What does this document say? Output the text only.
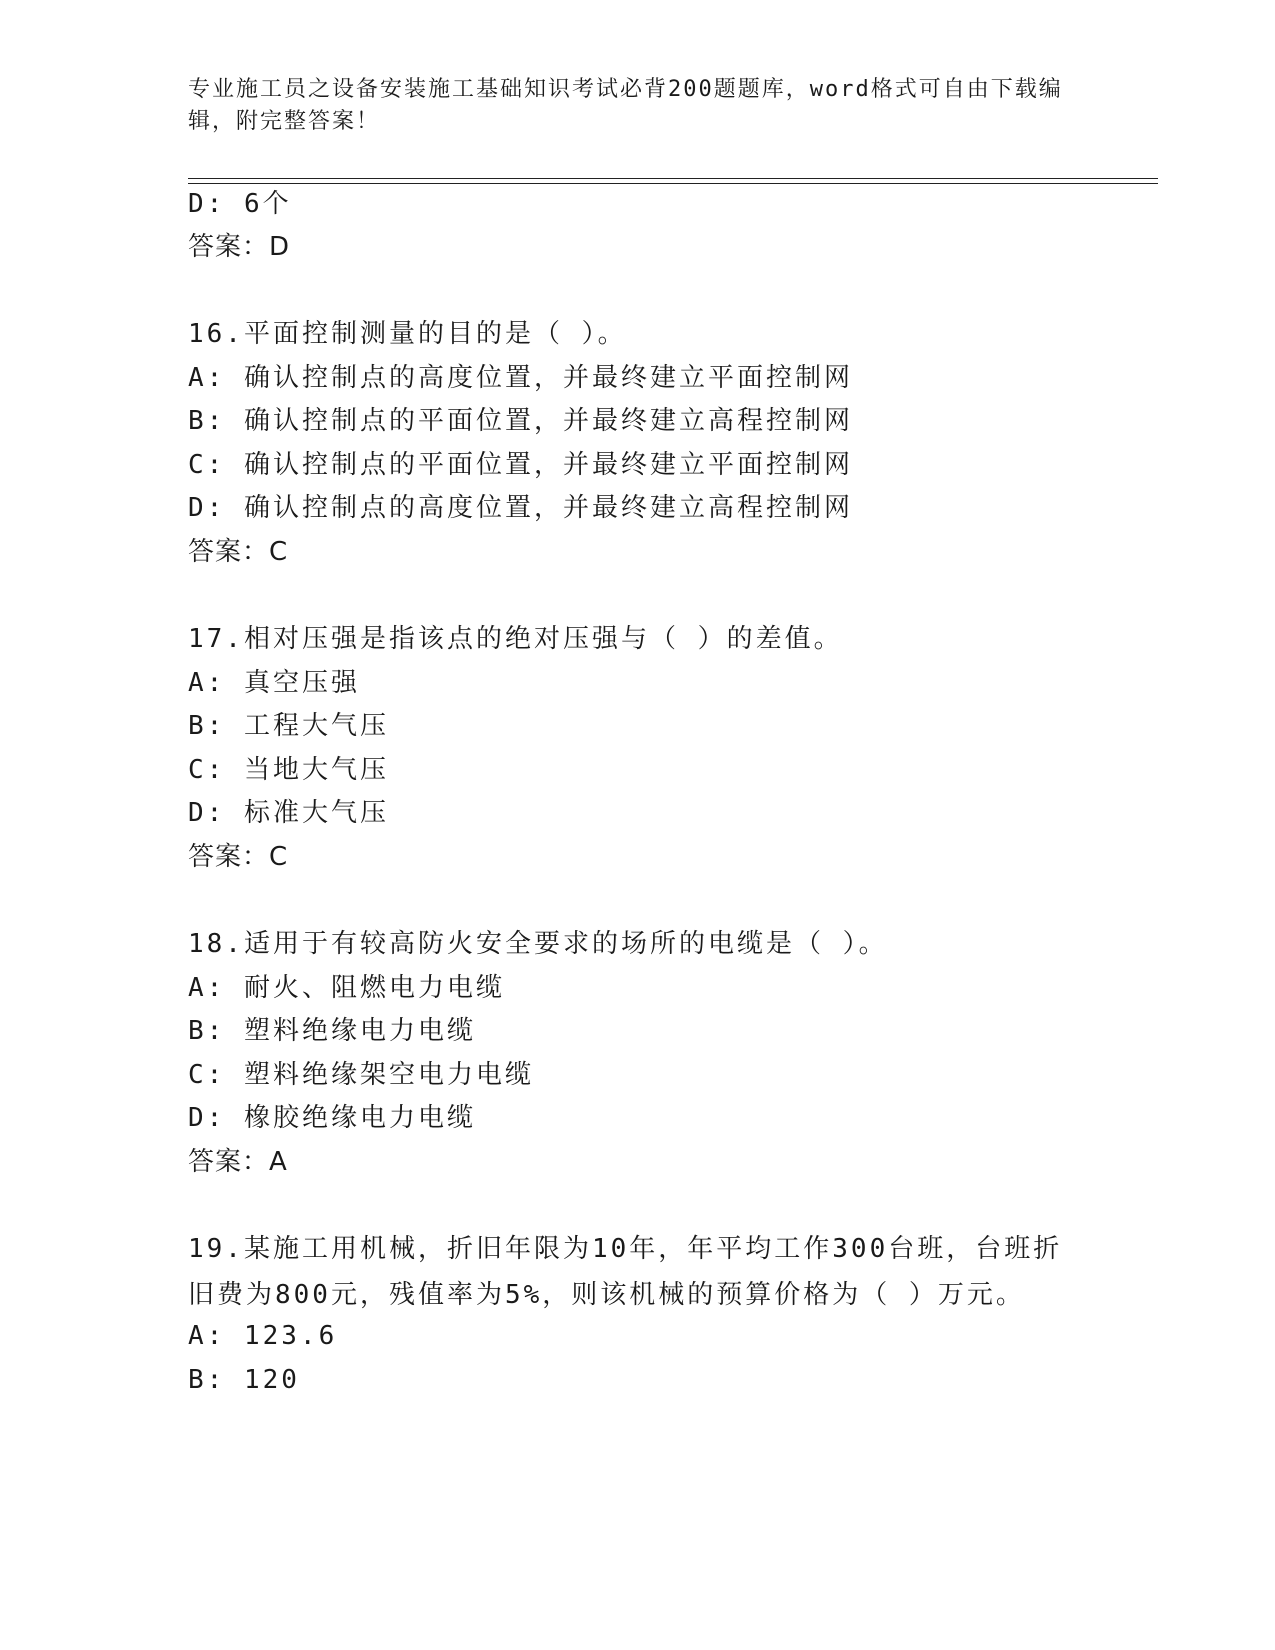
专业施工员之设备安装施工基础知识考试必背200题题库，word格式可自由下载编辑，附完整答案！
D: 6个
答案：D
16.平面控制测量的目的是（ ）。
A: 确认控制点的高度位置，并最终建立平面控制网
B: 确认控制点的平面位置，并最终建立高程控制网
C: 确认控制点的平面位置，并最终建立平面控制网
D: 确认控制点的高度位置，并最终建立高程控制网
答案：C
17.相对压强是指该点的绝对压强与（ ）的差值。
A: 真空压强
B: 工程大气压
C: 当地大气压
D: 标准大气压
答案：C
18.适用于有较高防火安全要求的场所的电缆是（ ）。
A: 耐火、阻燃电力电缆
B: 塑料绝缘电力电缆
C: 塑料绝缘架空电力电缆
D: 橡胶绝缘电力电缆
答案：A
19.某施工用机械，折旧年限为10年，年平均工作300台班，台班折旧费为800元，残值率为5%，则该机械的预算价格为（ ）万元。
A: 123.6
B: 120
